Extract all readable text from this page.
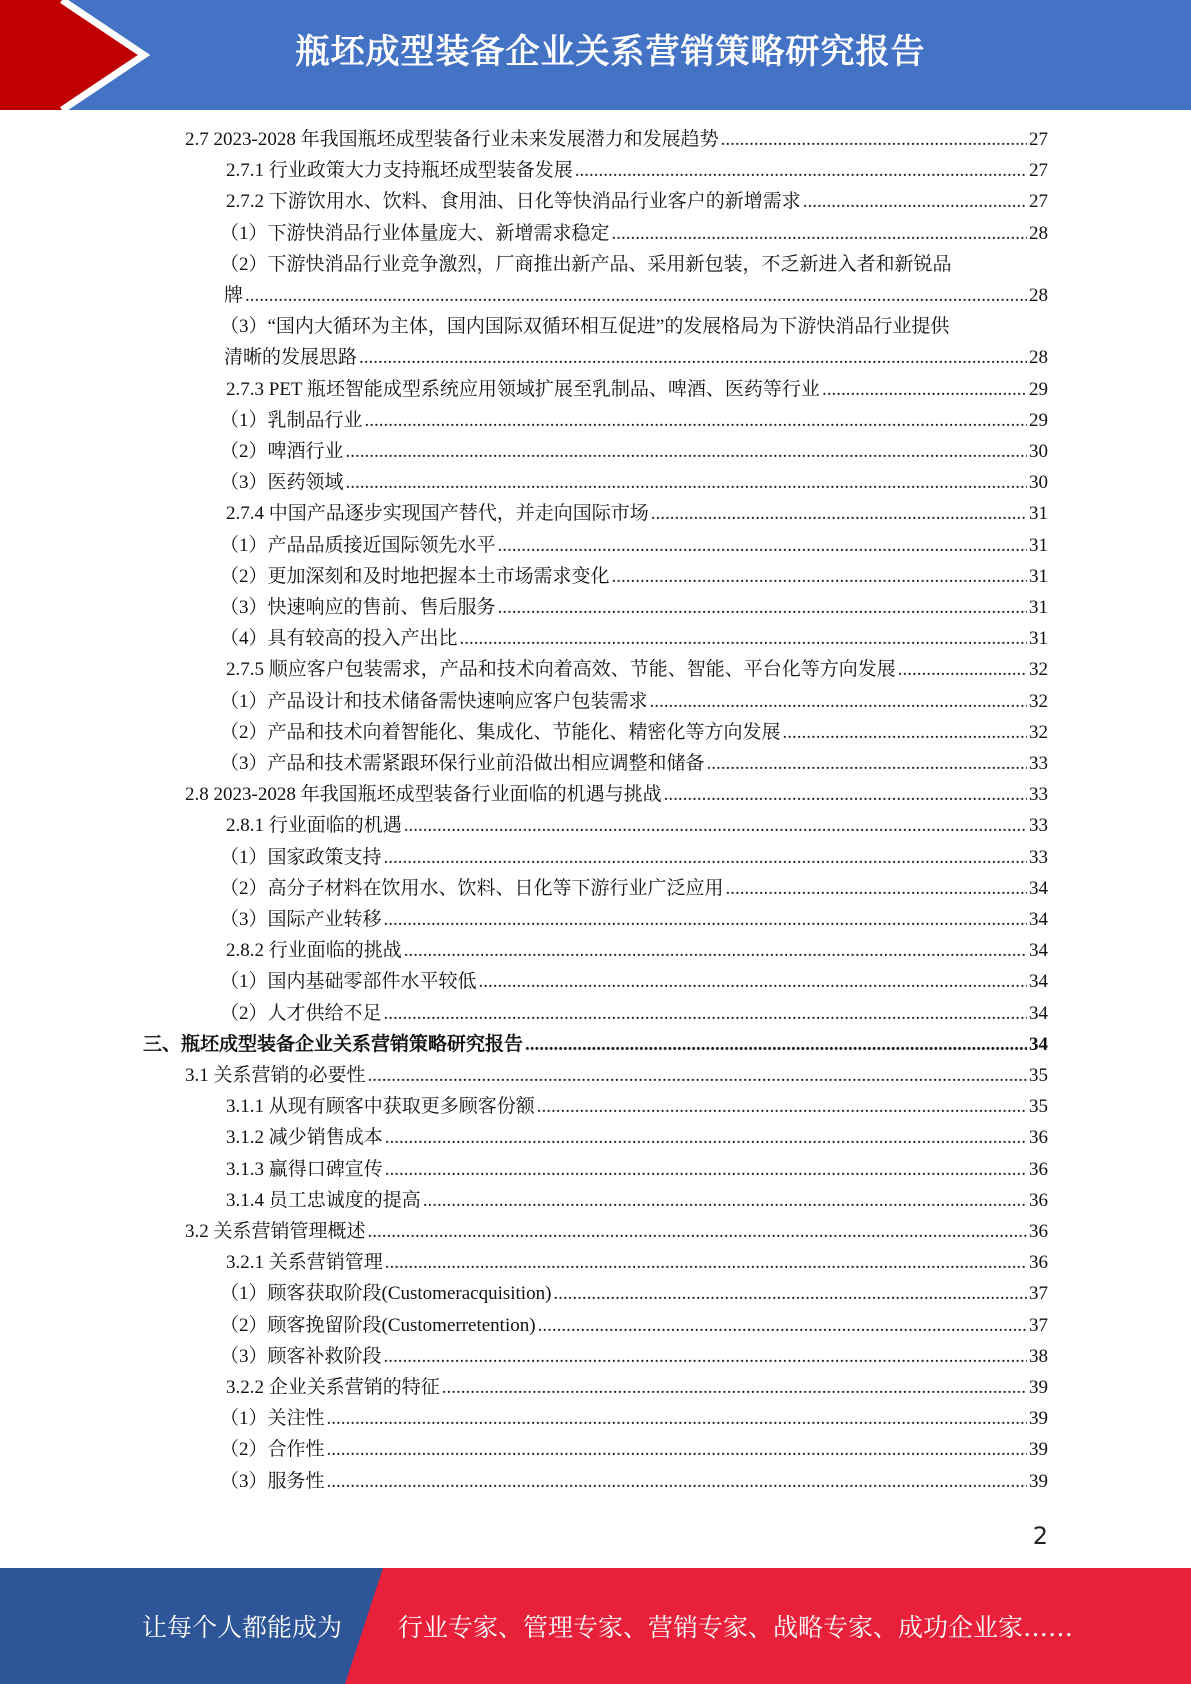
瓶坯成型装备企业关系营销策略研究报告
2.7 2023-2028 年我国瓶坯成型装备行业未来发展潜力和发展趋势 .....	27
2.7.1 行业政策大力支持瓶坯成型装备发展 .....	27
2.7.2 下游饮用水、饮料、食用油、日化等快消品行业客户的新增需求 .....	27
（1）下游快消品行业体量庞大、新增需求稳定 .....	28
（2）下游快消品行业竞争激烈，厂商推出新产品、采用新包装，不乏新进入者和新锐品
牌 .....	28
（3）“国内大循环为主体，国内国际双循环相互促进”的发展格局为下游快消品行业提供
清晰的发展思路 .....	28
2.7.3 PET 瓶坯智能成型系统应用领域扩展至乳制品、啤酒、医药等行业 .....	29
（1）乳制品行业 .....	29
（2）啤酒行业 .....	30
（3）医药领域 .....	30
2.7.4 中国产品逐步实现国产替代，并走向国际市场 .....	31
（1）产品品质接近国际领先水平 .....	31
（2）更加深刻和及时地把握本土市场需求变化 .....	31
（3）快速响应的售前、售后服务 .....	31
（4）具有较高的投入产出比 .....	31
2.7.5 顺应客户包装需求，产品和技术向着高效、节能、智能、平台化等方向发展 .....	32
（1）产品设计和技术储备需快速响应客户包装需求 .....	32
（2）产品和技术向着智能化、集成化、节能化、精密化等方向发展 .....	32
（3）产品和技术需紧跟环保行业前沿做出相应调整和储备 .....	33
2.8 2023-2028 年我国瓶坯成型装备行业面临的机遇与挑战 .....	33
2.8.1 行业面临的机遇 .....	33
（1）国家政策支持 .....	33
（2）高分子材料在饮用水、饮料、日化等下游行业广泛应用 .....	34
（3）国际产业转移 .....	34
2.8.2 行业面临的挑战 .....	34
（1）国内基础零部件水平较低 .....	34
（2）人才供给不足 .....	34
三、瓶坯成型装备企业关系营销策略研究报告 .....	34
3.1 关系营销的必要性 .....	35
3.1.1 从现有顾客中获取更多顾客份额 .....	35
3.1.2 减少销售成本 .....	36
3.1.3 赢得口碑宣传 .....	36
3.1.4 员工忠诚度的提高 .....	36
3.2 关系营销管理概述 .....	36
3.2.1 关系营销管理 .....	36
（1）顾客获取阶段(Customeracquisition) .....	37
（2）顾客挽留阶段(Customerretention) .....	37
（3）顾客补救阶段 .....	38
3.2.2 企业关系营销的特征 .....	39
（1）关注性 .....	39
（2）合作性 .....	39
（3）服务性 .....	39
2
让每个人都能成为 行业专家、管理专家、营销专家、战略专家、成功企业家……
